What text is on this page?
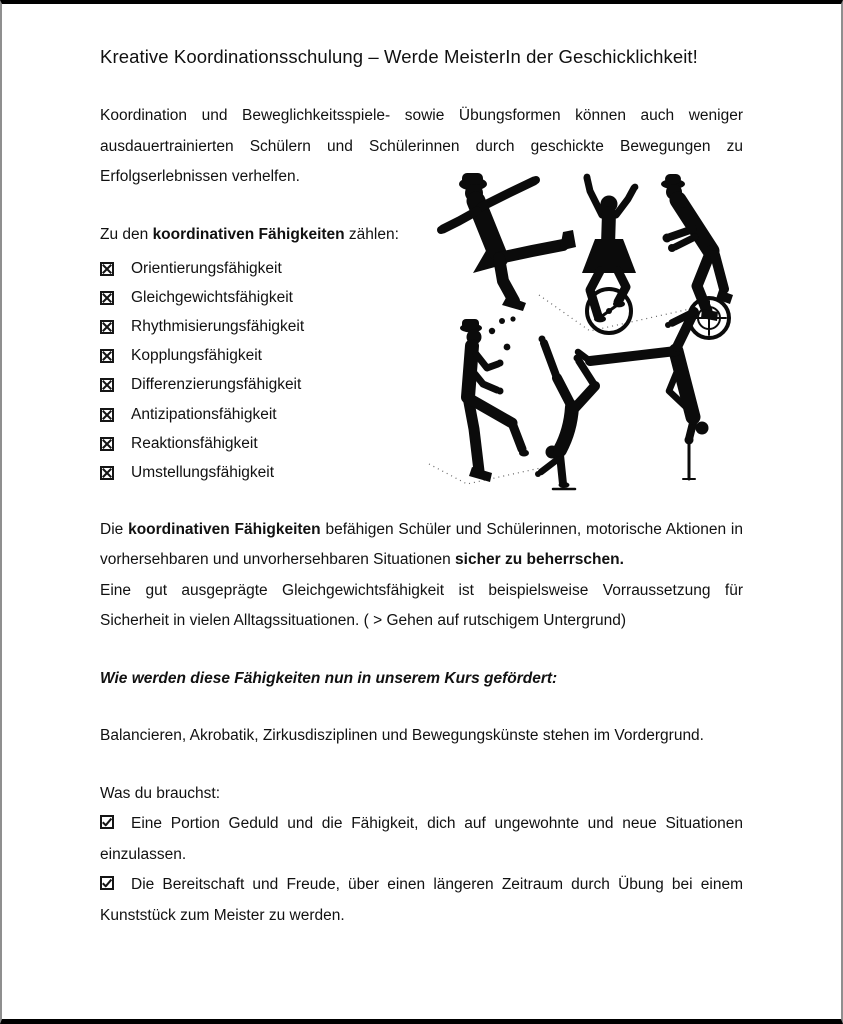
Kreative Koordinationsschulung – Werde MeisterIn der Geschicklichkeit!

Koordination und Beweglichkeitsspiele- sowie Übungsformen können auch weniger ausdauertrainierten Schülern und Schülerinnen durch geschickte Bewegungen zu Erfolgserlebnissen verhelfen.

Zu den koordinativen Fähigkeiten zählen:

Orientierungsfähigkeit
Gleichgewichtsfähigkeit
Rhythmisierungsfähigkeit
Kopplungsfähigkeit
Differenzierungsfähigkeit
Antizipationsfähigkeit
Reaktionsfähigkeit
Umstellungsfähigkeit

Die koordinativen Fähigkeiten befähigen Schüler und Schülerinnen, motorische Aktionen in vorhersehbaren und unvorhersehbaren Situationen sicher zu beherrschen.

Eine gut ausgeprägte Gleichgewichtsfähigkeit ist beispielsweise Vorraussetzung für Sicherheit in vielen Alltagssituationen. ( > Gehen auf rutschigem Untergrund)

Wie werden diese Fähigkeiten nun in unserem Kurs gefördert:

Balancieren, Akrobatik, Zirkusdisziplinen und Bewegungskünste stehen im Vordergrund.

Was du brauchst:

Eine Portion Geduld und die Fähigkeit, dich auf ungewohnte und neue Situationen einzulassen.

Die Bereitschaft und Freude, über einen längeren Zeitraum durch Übung bei einem Kunststück zum Meister zu werden.
